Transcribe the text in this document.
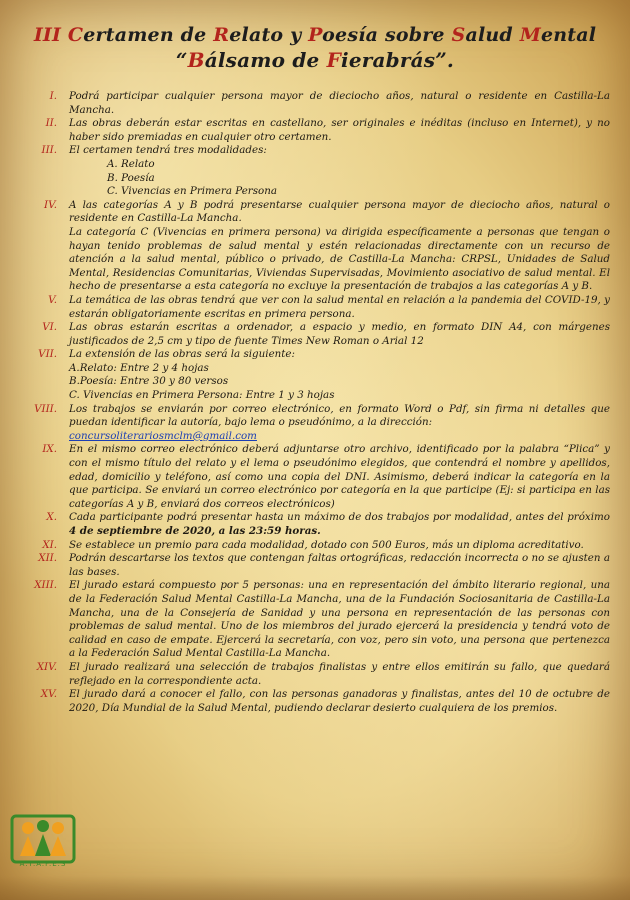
III Certamen de Relato y Poesía sobre Salud Mental
“Bálsamo de Fierabrás”.
I. Podrá participar cualquier persona mayor de dieciocho años, natural o residente en Castilla-La Mancha.
II. Las obras deberán estar escritas en castellano, ser originales e inéditas (incluso en Internet), y no haber sido premiadas en cualquier otro certamen.
III. El certamen tendrá tres modalidades:
A. Relato
B. Poesía
C. Vivencias en Primera Persona
IV. A las categorías A y B podrá presentarse cualquier persona mayor de dieciocho años, natural o residente en Castilla-La Mancha.
La categoría C (Vivencias en primera persona) va dirigida específicamente a personas que tengan o hayan tenido problemas de salud mental y estén relacionadas directamente con un recurso de atención a la salud mental, público o privado, de Castilla-La Mancha: CRPSL, Unidades de Salud Mental, Residencias Comunitarias, Viviendas Supervisadas, Movimiento asociativo de salud mental. El hecho de presentarse a esta categoría no excluye la presentación de trabajos a las categorías A y B.
V. La temática de las obras tendrá que ver con la salud mental en relación a la pandemia del COVID-19, y estarán obligatoriamente escritas en primera persona.
VI. Las obras estarán escritas a ordenador, a espacio y medio, en formato DIN A4, con márgenes justificados de 2,5 cm y tipo de fuente Times New Roman o Arial 12
VII. La extensión de las obras será la siguiente:
A.Relato: Entre 2 y 4 hojas
B.Poesía: Entre 30 y 80 versos
C. Vivencias en Primera Persona: Entre 1 y 3 hojas
VIII. Los trabajos se enviarán por correo electrónico, en formato Word o Pdf, sin firma ni detalles que puedan identificar la autoría, bajo lema o pseudónimo, a la dirección:
concursoliterariosmclm@gmail.com
IX. En el mismo correo electrónico deberá adjuntarse otro archivo, identificado por la palabra “Plica” y con el mismo título del relato y el lema o pseudónimo elegidos, que contendrá el nombre y apellidos, edad, domicilio y teléfono, así como una copia del DNI. Asimismo, deberá indicar la categoría en la que participa. Se enviará un correo electrónico por categoría en la que participe (Ej: si participa en las categorías A y B, enviará dos correos electrónicos)
X. Cada participante podrá presentar hasta un máximo de dos trabajos por modalidad, antes del próximo 4 de septiembre de 2020, a las 23:59 horas.
XI. Se establece un premio para cada modalidad, dotado con 500 Euros, más un diploma acreditativo.
XII. Podrán descartarse los textos que contengan faltas ortográficas, redacción incorrecta o no se ajusten a las bases.
XIII. El jurado estará compuesto por 5 personas: una en representación del ámbito literario regional, una de la Federación Salud Mental Castilla-La Mancha, una de la Fundación Sociosanitaria de Castilla-La Mancha, una de la Consejería de Sanidad y una persona en representación de las personas con problemas de salud mental. Uno de los miembros del jurado ejercerá la presidencia y tendrá voto de calidad en caso de empate. Ejercerá la secretaría, con voz, pero sin voto, una persona que pertenezca a la Federación Salud Mental Castilla-La Mancha.
XIV. El jurado realizará una selección de trabajos finalistas y entre ellos emitirán su fallo, que quedará reflejado en la correspondiente acta.
XV. El jurado dará a conocer el fallo, con las personas ganadoras y finalistas, antes del 10 de octubre de 2020, Día Mundial de la Salud Mental, pudiendo declarar desierto cualquiera de los premios.
A.T.A.F.E.S
